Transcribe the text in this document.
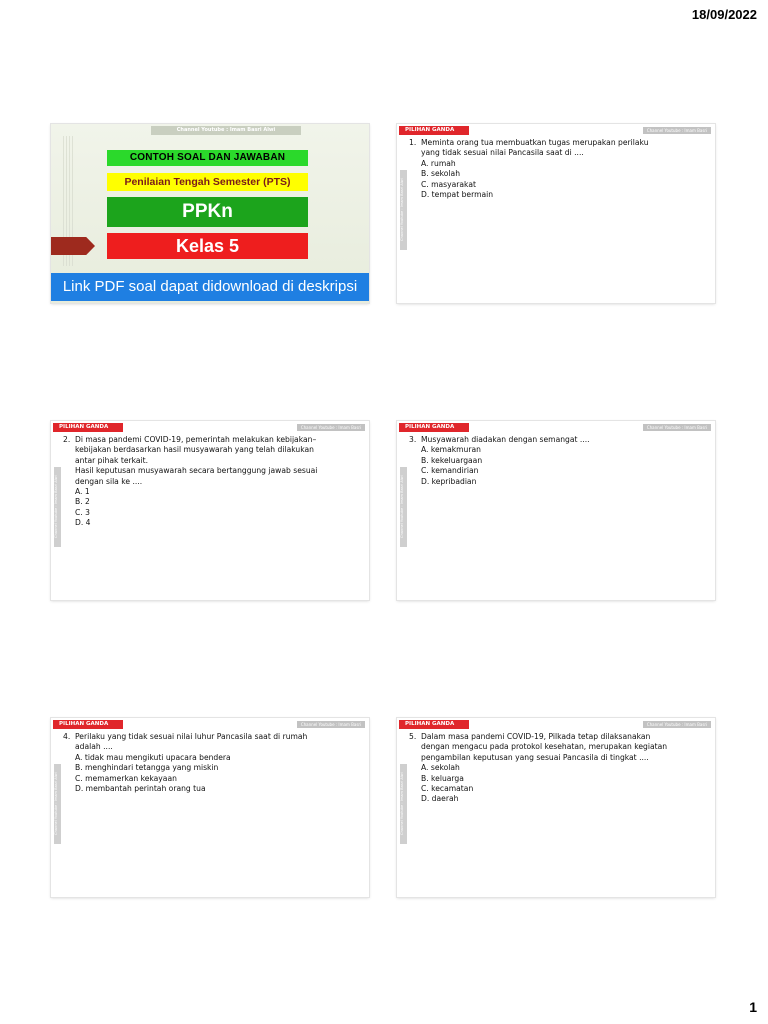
18/09/2022
Channel Youtube : Imam Basri Alwi
CONTOH SOAL DAN JAWABAN
Penilaian Tengah Semester (PTS)
PPKn
Kelas 5
Link PDF soal dapat didownload di deskripsi
PILIHAN GANDA	Channel Youtube : Imam Basri Alwi
Channel Youtube : Imam Basri Alwi
1. Meminta orang tua membuatkan tugas merupakan perilaku
yang tidak sesuai nilai Pancasila saat di ....
A. rumah
B. sekolah
C. masyarakat
D. tempat bermain
PILIHAN GANDA	Channel Youtube : Imam Basri Alwi
Channel Youtube : Imam Basri Alwi
2. Di masa pandemi COVID-19, pemerintah melakukan kebijakan–
kebijakan berdasarkan hasil musyawarah yang telah dilakukan
antar pihak terkait.
Hasil keputusan musyawarah secara bertanggung jawab sesuai
dengan sila ke ....
A. 1
B. 2
C. 3
D. 4
PILIHAN GANDA	Channel Youtube : Imam Basri Alwi
Channel Youtube : Imam Basri Alwi
3. Musyawarah diadakan dengan semangat ....
A. kemakmuran
B. kekeluargaan
C. kemandirian
D. kepribadian
PILIHAN GANDA	Channel Youtube : Imam Basri Alwi
Channel Youtube : Imam Basri Alwi
4. Perilaku yang tidak sesuai nilai luhur Pancasila saat di rumah
adalah ....
A. tidak mau mengikuti upacara bendera
B. menghindari tetangga yang miskin
C. memamerkan kekayaan
D. membantah perintah orang tua
PILIHAN GANDA	Channel Youtube : Imam Basri Alwi
Channel Youtube : Imam Basri Alwi
5. Dalam masa pandemi COVID-19, Pilkada tetap dilaksanakan
dengan mengacu pada protokol kesehatan, merupakan kegiatan
pengambilan keputusan yang sesuai Pancasila di tingkat ....
A. sekolah
B. keluarga
C. kecamatan
D. daerah
1
